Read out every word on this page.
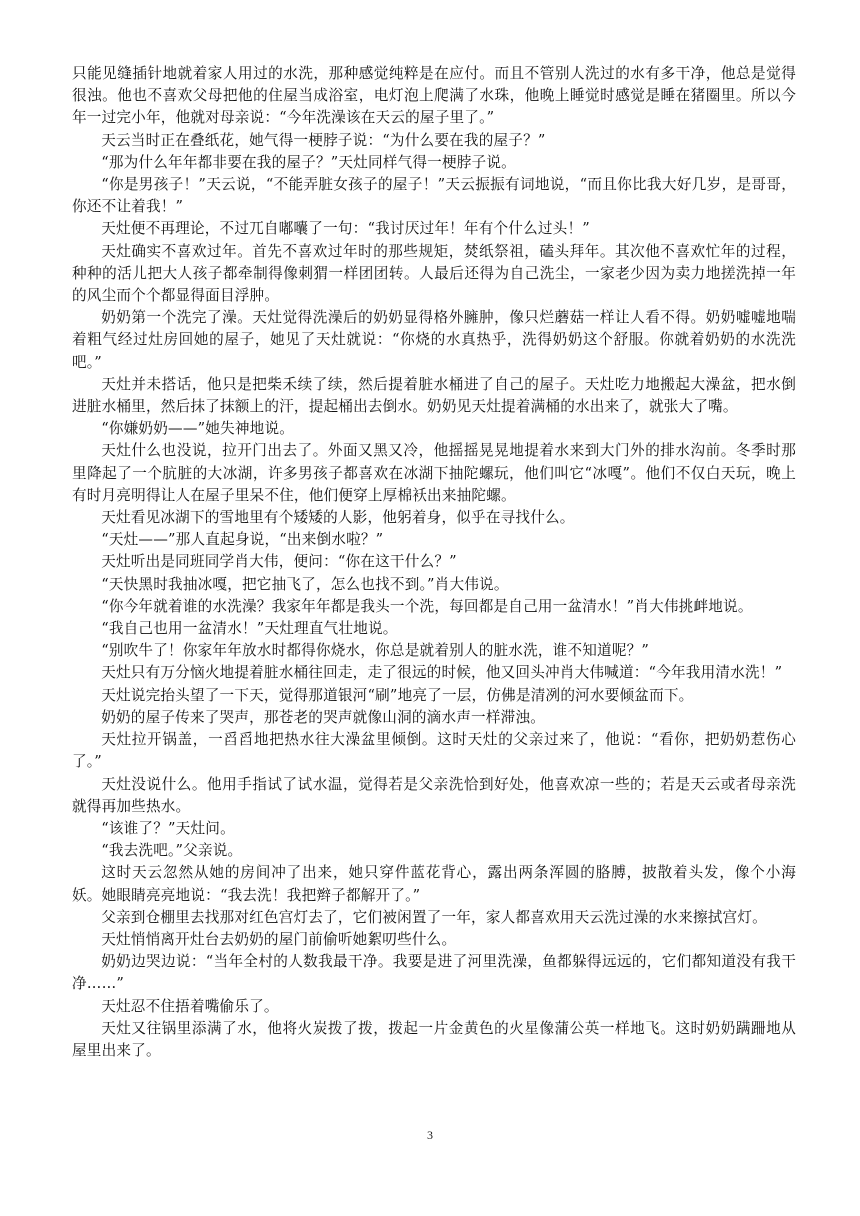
只能见缝插针地就着家人用过的水洗，那种感觉纯粹是在应付。而且不管别人洗过的水有多干净，他总是觉得很浊。他也不喜欢父母把他的住屋当成浴室，电灯泡上爬满了水珠，他晚上睡觉时感觉是睡在猪圈里。所以今年一过完小年，他就对母亲说：“今年洗澡该在天云的屋子里了。”

天云当时正在叠纸花，她气得一梗脖子说：“为什么要在我的屋子？”

“那为什么年年都非要在我的屋子？”天灶同样气得一梗脖子说。

“你是男孩子！”天云说，“不能弄脏女孩子的屋子！”天云振振有词地说，“而且你比我大好几岁，是哥哥，你还不让着我！”

天灶便不再理论，不过兀自嘟囔了一句：“我讨厌过年！年有个什么过头！”

天灶确实不喜欢过年。首先不喜欢过年时的那些规矩，焚纸祭祖，磕头拜年。其次他不喜欢忙年的过程，种种的活儿把大人孩子都牵制得像刺猬一样团团转。人最后还得为自己洗尘，一家老少因为卖力地搓洗掉一年的风尘而个个都显得面目浮肿。

奶奶第一个洗完了澡。天灶觉得洗澡后的奶奶显得格外臃肿，像只烂蘑菇一样让人看不得。奶奶嘘嘘地喘着粗气经过灶房回她的屋子，她见了天灶就说：“你烧的水真热乎，洗得奶奶这个舒服。你就着奶奶的水洗洗吧。”

天灶并未搭话，他只是把柴禾续了续，然后提着脏水桶进了自己的屋子。天灶吃力地搬起大澡盆，把水倒进脏水桶里，然后抹了抹额上的汗，提起桶出去倒水。奶奶见天灶提着满桶的水出来了，就张大了嘴。

“你嫌奶奶——”她失神地说。

天灶什么也没说，拉开门出去了。外面又黑又冷，他摇摇晃晃地提着水来到大门外的排水沟前。冬季时那里降起了一个肮脏的大冰湖，许多男孩子都喜欢在冰湖下抽陀螺玩，他们叫它“冰嘎”。他们不仅白天玩，晚上有时月亮明得让人在屋子里呆不住，他们便穿上厚棉袄出来抽陀螺。

天灶看见冰湖下的雪地里有个矮矮的人影，他躬着身，似乎在寻找什么。

“天灶——”那人直起身说，“出来倒水啦？”

天灶听出是同班同学肖大伟，便问：“你在这干什么？”

“天快黑时我抽冰嘎，把它抽飞了，怎么也找不到。”肖大伟说。

“你今年就着谁的水洗澡？我家年年都是我头一个洗，每回都是自己用一盆清水！”肖大伟挑衅地说。

“我自己也用一盆清水！”天灶理直气壮地说。

“别吹牛了！你家年年放水时都得你烧水，你总是就着别人的脏水洗，谁不知道呢？”

天灶只有万分恼火地提着脏水桶往回走，走了很远的时候，他又回头冲肖大伟喊道：“今年我用清水洗！”

天灶说完抬头望了一下天，觉得那道银河“刷”地亮了一层，仿佛是清冽的河水要倾盆而下。

奶奶的屋子传来了哭声，那苍老的哭声就像山洞的滴水声一样滞浊。

天灶拉开锅盖，一舀舀地把热水往大澡盆里倾倒。这时天灶的父亲过来了，他说：“看你，把奶奶惹伤心了。”

天灶没说什么。他用手指试了试水温，觉得若是父亲洗恰到好处，他喜欢凉一些的；若是天云或者母亲洗就得再加些热水。

“该谁了？”天灶问。

“我去洗吧。”父亲说。

这时天云忽然从她的房间冲了出来，她只穿件蓝花背心，露出两条浑圆的胳膊，披散着头发，像个小海妖。她眼睛亮亮地说：“我去洗！我把辫子都解开了。”

父亲到仓棚里去找那对红色宫灯去了，它们被闲置了一年，家人都喜欢用天云洗过澡的水来擦拭宫灯。

天灶悄悄离开灶台去奶奶的屋门前偷听她絮叨些什么。

奶奶边哭边说：“当年全村的人数我最干净。我要是进了河里洗澡，鱼都躲得远远的，它们都知道没有我干净……”

天灶忍不住捂着嘴偷乐了。

天灶又往锅里添满了水，他将火炭拨了拨，拨起一片金黄色的火星像蒲公英一样地飞。这时奶奶蹒跚地从屋里出来了。

3
